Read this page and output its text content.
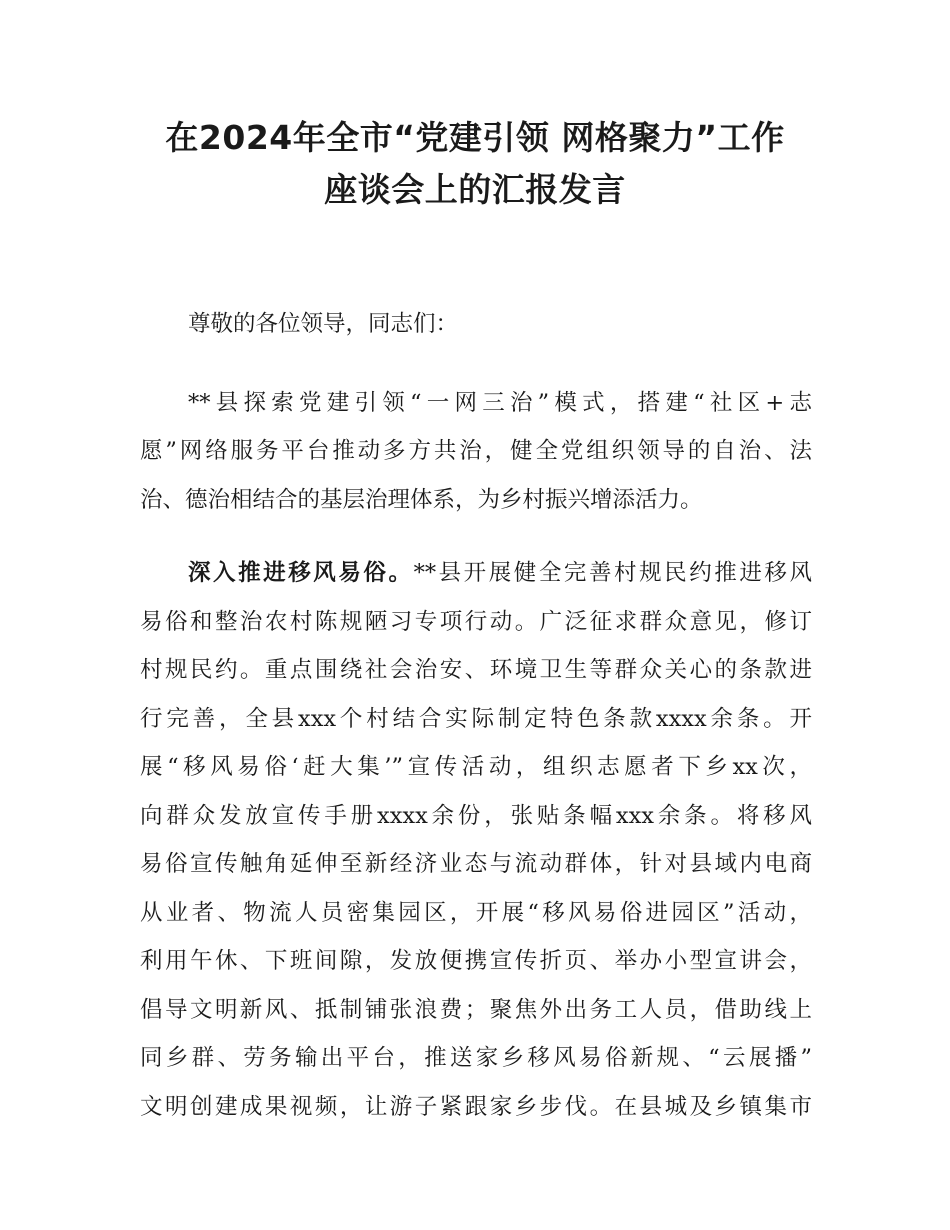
在2024年全市“党建引领 网格聚力”工作
座谈会上的汇报发言

尊敬的各位领导，同志们：

**县探索党建引领“一网三治”模式，搭建“社区+志
愿”网络服务平台推动多方共治，健全党组织领导的自治、法
治、德治相结合的基层治理体系，为乡村振兴增添活力。

深入推进移风易俗。**县开展健全完善村规民约推进移风
易俗和整治农村陈规陋习专项行动。广泛征求群众意见，修订
村规民约。重点围绕社会治安、环境卫生等群众关心的条款进
行完善，全县xxx个村结合实际制定特色条款xxxx余条。开
展“移风易俗‘赶大集’”宣传活动，组织志愿者下乡xx次，
向群众发放宣传手册xxxx余份，张贴条幅xxx余条。将移风
易俗宣传触角延伸至新经济业态与流动群体，针对县域内电商
从业者、物流人员密集园区，开展“移风易俗进园区”活动，
利用午休、下班间隙，发放便携宣传折页、举办小型宣讲会，
倡导文明新风、抵制铺张浪费；聚焦外出务工人员，借助线上
同乡群、劳务输出平台，推送家乡移风易俗新规、“云展播”
文明创建成果视频，让游子紧跟家乡步伐。在县城及乡镇集市
